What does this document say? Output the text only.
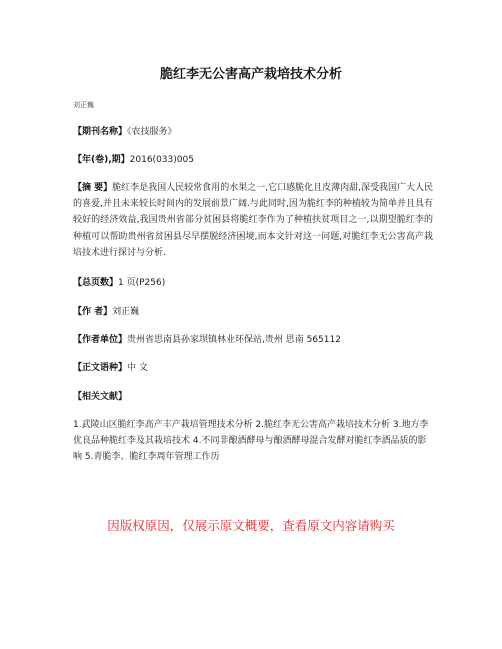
脆红李无公害高产栽培技术分析
刘正巍
【期刊名称】《农技服务》
【年(卷),期】2016(033)005
【摘 要】脆红李是我国人民较常食用的水果之一,它口感脆化且皮薄肉甜,深受我国广大人民的喜爱,并且未来较长时间内的发展前景广阔.与此同时,因为脆红李的种植较为简单并且具有较好的经济效益,我国贵州省部分贫困县将脆红李作为了种植扶贫项目之一,以期望脆红李的种植可以帮助贵州省贫困县尽早摆脱经济困境,而本文针对这一问题,对脆红李无公害高产栽培技术进行探讨与分析.
【总页数】1 页(P256)
【作 者】刘正巍
【作者单位】贵州省思南县孙家坝镇林业环保站,贵州 思南 565112
【正文语种】中 文
【相关文献】
1.武陵山区脆红李高产丰产栽培管理技术分析 2.脆红李无公害高产栽培技术分析 3.地方李优良品种脆红李及其栽培技术 4.不同非酿酒酵母与酿酒酵母混合发酵对脆红李酒品质的影响 5.青脆李、脆红李周年管理工作历
因版权原因，仅展示原文概要，查看原文内容请购买
